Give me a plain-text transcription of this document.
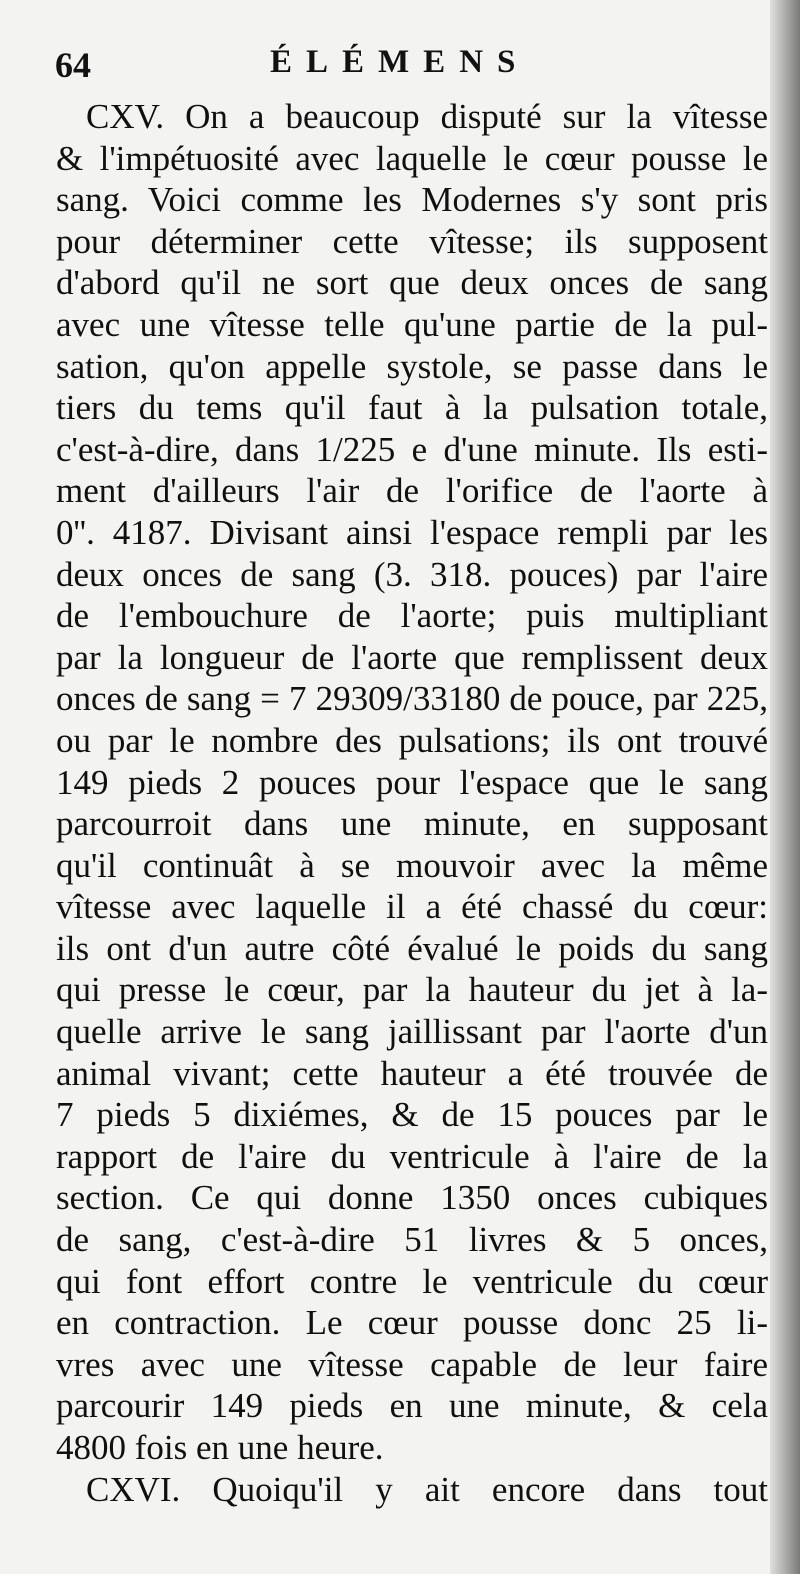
64	ÉLÉMENS
CXV. On a beaucoup disputé sur la vîtesse
& l'impétuosité avec laquelle le cœur pousse le
sang. Voici comme les Modernes s'y sont pris
pour déterminer cette vîtesse; ils supposent
d'abord qu'il ne sort que deux onces de sang
avec une vîtesse telle qu'une partie de la pul-
sation, qu'on appelle systole, se passe dans le
tiers du tems qu'il faut à la pulsation totale,
c'est-à-dire, dans 1/225 e d'une minute. Ils esti-
ment d'ailleurs l'air de l'orifice de l'aorte à
0''. 4187. Divisant ainsi l'espace rempli par les
deux onces de sang (3. 318. pouces) par l'aire
de l'embouchure de l'aorte; puis multipliant
par la longueur de l'aorte que remplissent deux
onces de sang = 7 29309/33180 de pouce, par 225,
ou par le nombre des pulsations; ils ont trouvé
149 pieds 2 pouces pour l'espace que le sang
parcourroit dans une minute, en supposant
qu'il continuât à se mouvoir avec la même
vîtesse avec laquelle il a été chassé du cœur:
ils ont d'un autre côté évalué le poids du sang
qui presse le cœur, par la hauteur du jet à la-
quelle arrive le sang jaillissant par l'aorte d'un
animal vivant; cette hauteur a été trouvée de
7 pieds 5 dixiémes, & de 15 pouces par le
rapport de l'aire du ventricule à l'aire de la
section. Ce qui donne 1350 onces cubiques
de sang, c'est-à-dire 51 livres & 5 onces,
qui font effort contre le ventricule du cœur
en contraction. Le cœur pousse donc 25 li-
vres avec une vîtesse capable de leur faire
parcourir 149 pieds en une minute, & cela
4800 fois en une heure.
CXVI. Quoiqu'il y ait encore dans tout
